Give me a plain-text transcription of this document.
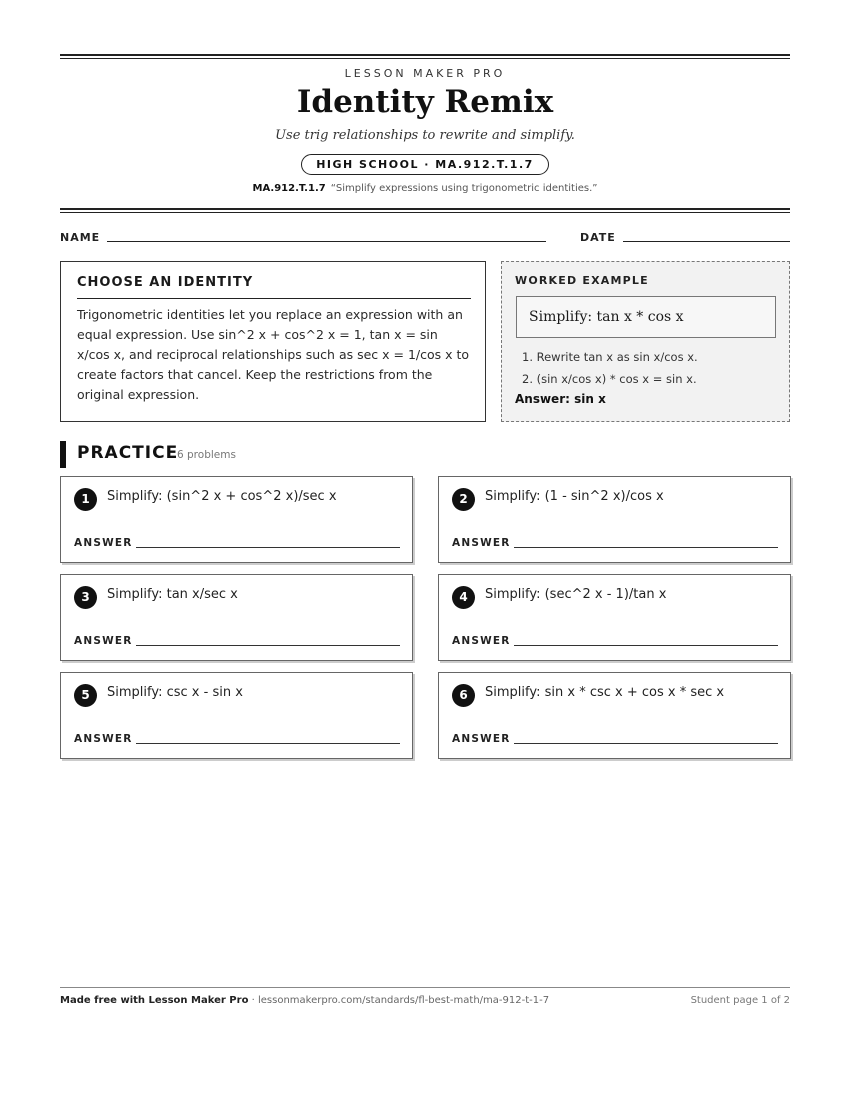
LESSON MAKER PRO
Identity Remix
Use trig relationships to rewrite and simplify.
HIGH SCHOOL · MA.912.T.1.7
MA.912.T.1.7 “Simplify expressions using trigonometric identities.”
NAME	DATE
CHOOSE AN IDENTITY
Trigonometric identities let you replace an expression with an equal expression. Use sin^2 x + cos^2 x = 1, tan x = sin x/cos x, and reciprocal relationships such as sec x = 1/cos x to create factors that cancel. Keep the restrictions from the original expression.
WORKED EXAMPLE
Simplify: tan x * cos x
1. Rewrite tan x as sin x/cos x.
2. (sin x/cos x) * cos x = sin x.
Answer: sin x
PRACTICE
6 problems
1	Simplify: (sin^2 x + cos^2 x)/sec x
ANSWER
2	Simplify: (1 - sin^2 x)/cos x
ANSWER
3	Simplify: tan x/sec x
ANSWER
4	Simplify: (sec^2 x - 1)/tan x
ANSWER
5	Simplify: csc x - sin x
ANSWER
6	Simplify: sin x * csc x + cos x * sec x
ANSWER
Made free with Lesson Maker Pro · lessonmakerpro.com/standards/fl-best-math/ma-912-t-1-7	Student page 1 of 2
